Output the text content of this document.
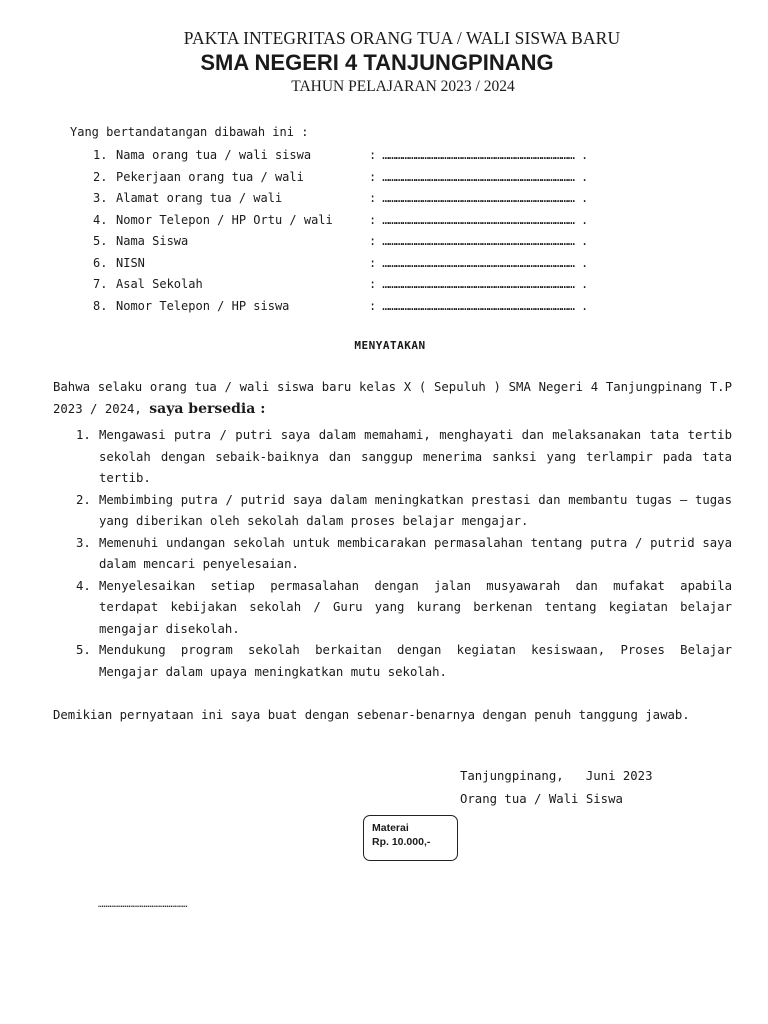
PAKTA INTEGRITAS ORANG TUA / WALI SISWA BARU
SMA NEGERI 4 TANJUNGPINANG
TAHUN PELAJARAN 2023 / 2024
Yang bertandatangan dibawah ini :
1. Nama orang tua / wali siswa	: …………………………………………………………………………… .
2. Pekerjaan orang tua / wali	: …………………………………………………………………………… .
3. Alamat orang tua / wali	: …………………………………………………………………………… .
4. Nomor Telepon / HP Ortu / wali	: …………………………………………………………………………… .
5. Nama Siswa	: …………………………………………………………………………… .
6. NISN	: …………………………………………………………………………… .
7. Asal Sekolah	: …………………………………………………………………………… .
8. Nomor Telepon / HP siswa	: …………………………………………………………………………… .
MENYATAKAN
Bahwa selaku orang tua / wali siswa baru kelas X ( Sepuluh ) SMA Negeri 4 Tanjungpinang T.P 2023 / 2024, saya bersedia :
1. Mengawasi putra / putri saya dalam memahami, menghayati dan melaksanakan tata tertib sekolah dengan sebaik-baiknya dan sanggup menerima sanksi yang terlampir pada tata tertib.
2. Membimbing putra / putrid saya dalam meningkatkan prestasi dan membantu tugas – tugas yang diberikan oleh sekolah dalam proses belajar mengajar.
3. Memenuhi undangan sekolah untuk membicarakan permasalahan tentang putra / putrid saya dalam mencari penyelesaian.
4. Menyelesaikan setiap permasalahan dengan jalan musyawarah dan mufakat apabila terdapat kebijakan sekolah / Guru yang kurang berkenan tentang kegiatan belajar mengajar disekolah.
5. Mendukung program sekolah berkaitan dengan kegiatan kesiswaan, Proses Belajar Mengajar dalam upaya meningkatkan mutu sekolah.
Demikian pernyataan ini saya buat dengan sebenar-benarnya dengan penuh tanggung jawab.
Tanjungpinang,   Juni 2023
Orang tua / Wali Siswa
Materai
Rp. 10.000,-
……………………………………………………………
